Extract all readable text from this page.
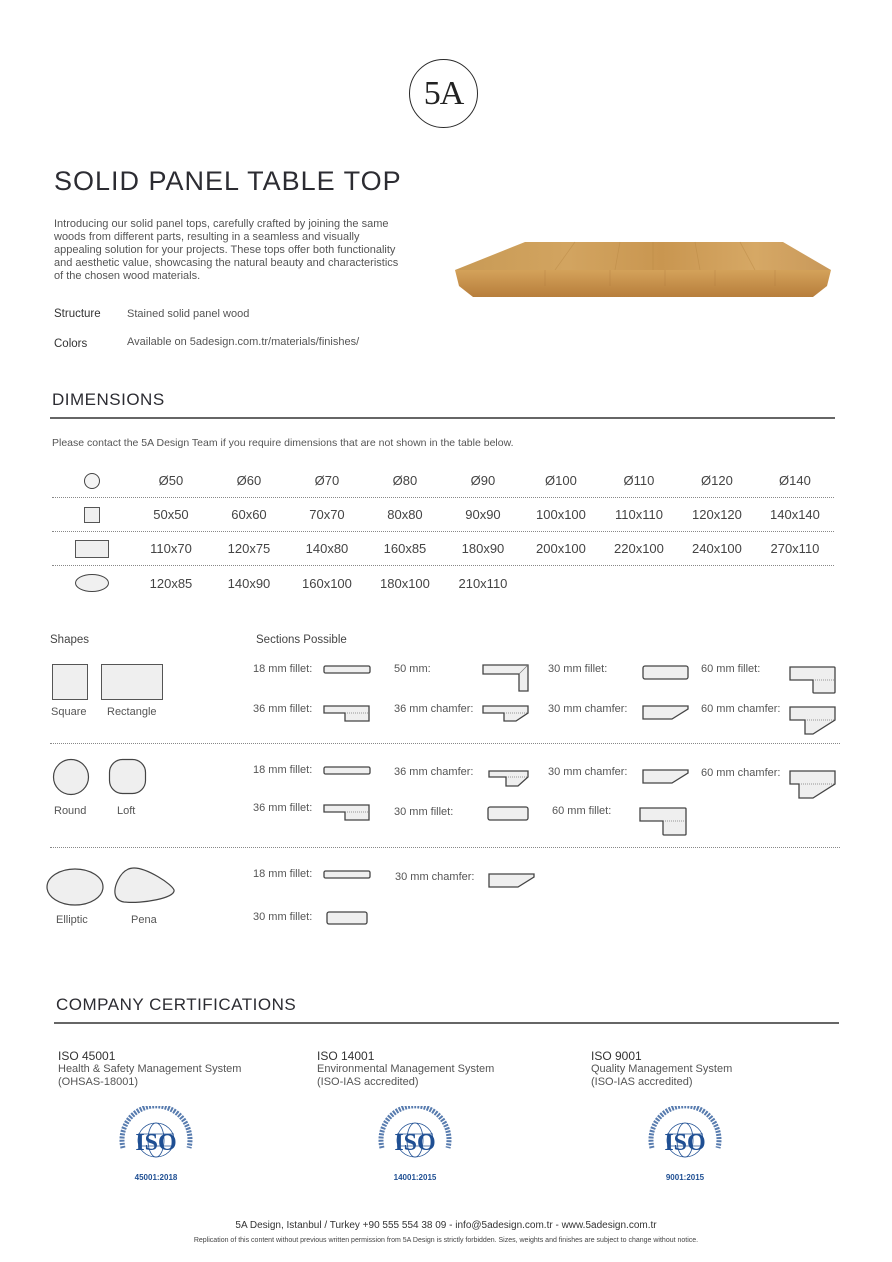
5A
SOLID PANEL TABLE TOP

Introducing our solid panel tops, carefully crafted by joining the same woods from different parts, resulting in a seamless and visually appealing solution for your projects. These tops offer both functionality and aesthetic value, showcasing the natural beauty and characteristics of the chosen wood materials.

Structure Stained solid panel wood
Colors	Available on 5adesign.com.tr/materials/finishes/
DIMENSIONS
Please contact the 5A Design Team if you require dimensions that are not shown in the table below.
Ø50	Ø60	Ø70	Ø80	Ø90	Ø100	Ø110	Ø120	Ø140
50x50	60x60	70x70	80x80	90x90	100x100	110x110	120x120	140x140
110x70	120x75	140x80	160x85	180x90	200x100	220x100	240x100	270x110
120x85	140x90	160x100	180x100	210x110
Shapes	Sections Possible
Square Rectangle
18 mm fillet:	50 mm:	30 mm fillet:	60 mm fillet:
36 mm fillet:	36 mm chamfer:	30 mm chamfer:	60 mm chamfer:
Round	Loft
18 mm fillet:	36 mm chamfer:	30 mm chamfer:	60 mm chamfer:
36 mm fillet:	30 mm fillet:	60 mm fillet:
Elliptic	Pena
18 mm fillet:	30 mm chamfer:
30 mm fillet:
COMPANY CERTIFICATIONS
ISO 45001
Health & Safety Management System
(OHSAS-18001)
ISO 14001
Environmental Management System
(ISO-IAS accredited)
ISO 9001
Quality Management System
(ISO-IAS accredited)
ISO
45001:2018
ISO
14001:2015
ISO
9001:2015
5A Design, Istanbul / Turkey +90 555 554 38 09 - info@5adesign.com.tr - www.5adesign.com.tr
Replication of this content without previous written permission from 5A Design is strictly forbidden. Sizes, weights and finishes are subject to change without notice.
